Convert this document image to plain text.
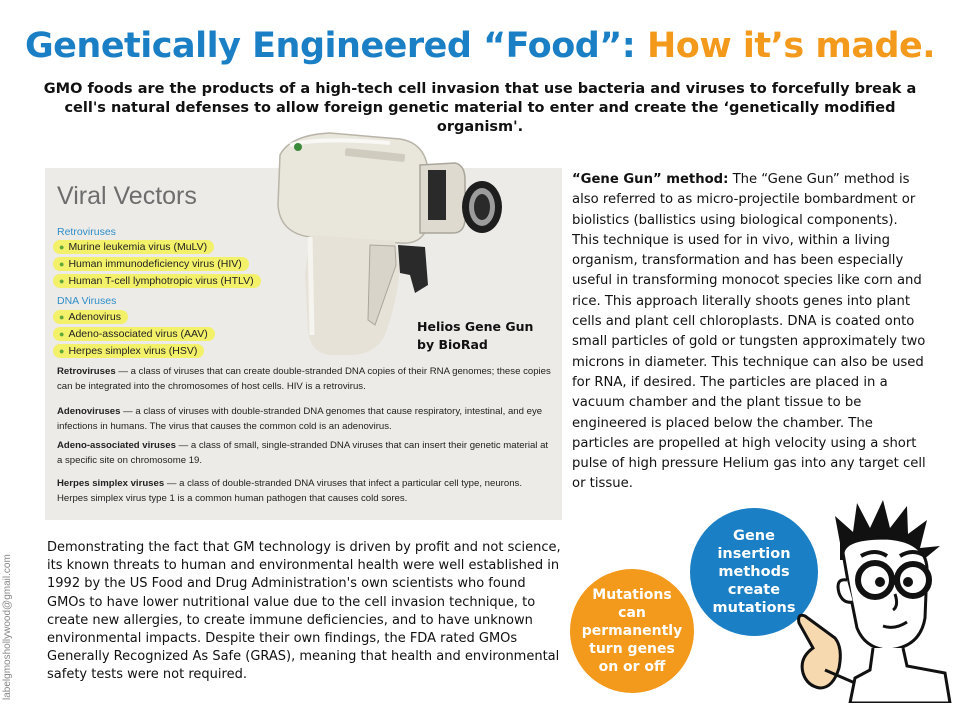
Genetically Engineered “Food”: How it’s made.
GMO foods are the products of a high-tech cell invasion that use bacteria and viruses to forcefully break a cell's natural defenses to allow foreign genetic material to enter and create the ‘genetically modified organism'.
Viral Vectors
Retroviruses
● Murine leukemia virus (MuLV)
● Human immunodeficiency virus (HIV)
● Human T-cell lymphotropic virus (HTLV)
DNA Viruses
● Adenovirus
● Adeno-associated virus (AAV)
● Herpes simplex virus (HSV)
Retroviruses — a class of viruses that can create double-stranded DNA copies of their RNA genomes; these copies can be integrated into the chromosomes of host cells. HIV is a retrovirus.
Adenoviruses — a class of viruses with double-stranded DNA genomes that cause respiratory, intestinal, and eye infections in humans. The virus that causes the common cold is an adenovirus.
Adeno-associated viruses — a class of small, single-stranded DNA viruses that can insert their genetic material at a specific site on chromosome 19.
Herpes simplex viruses — a class of double-stranded DNA viruses that infect a particular cell type, neurons. Herpes simplex virus type 1 is a common human pathogen that causes cold sores.
Helios Gene Gun
by BioRad
“Gene Gun” method: The “Gene Gun” method is also referred to as micro-projectile bombardment or biolistics (ballistics using biological components). This technique is used for in vivo, within a living organism, transformation and has been especially useful in transforming monocot species like corn and rice. This approach literally shoots genes into plant cells and plant cell chloroplasts. DNA is coated onto small particles of gold or tungsten approximately two microns in diameter. This technique can also be used for RNA, if desired. The particles are placed in a vacuum chamber and the plant tissue to be engineered is placed below the chamber. The particles are propelled at high velocity using a short pulse of high pressure Helium gas into any target cell or tissue.
Demonstrating the fact that GM technology is driven by profit and not science, its known threats to human and environmental health were well established in 1992 by the US Food and Drug Administration's own scientists who found GMOs to have lower nutritional value due to the cell invasion technique, to create new allergies, to create immune deficiencies, and to have unknown environmental impacts. Despite their own findings, the FDA rated GMOs Generally Recognized As Safe (GRAS), meaning that health and environmental safety tests were not required.
labelgmoshollywood@gmail.com
Gene
insertion
methods
create
mutations
Mutations
can
permanently
turn genes
on or off
